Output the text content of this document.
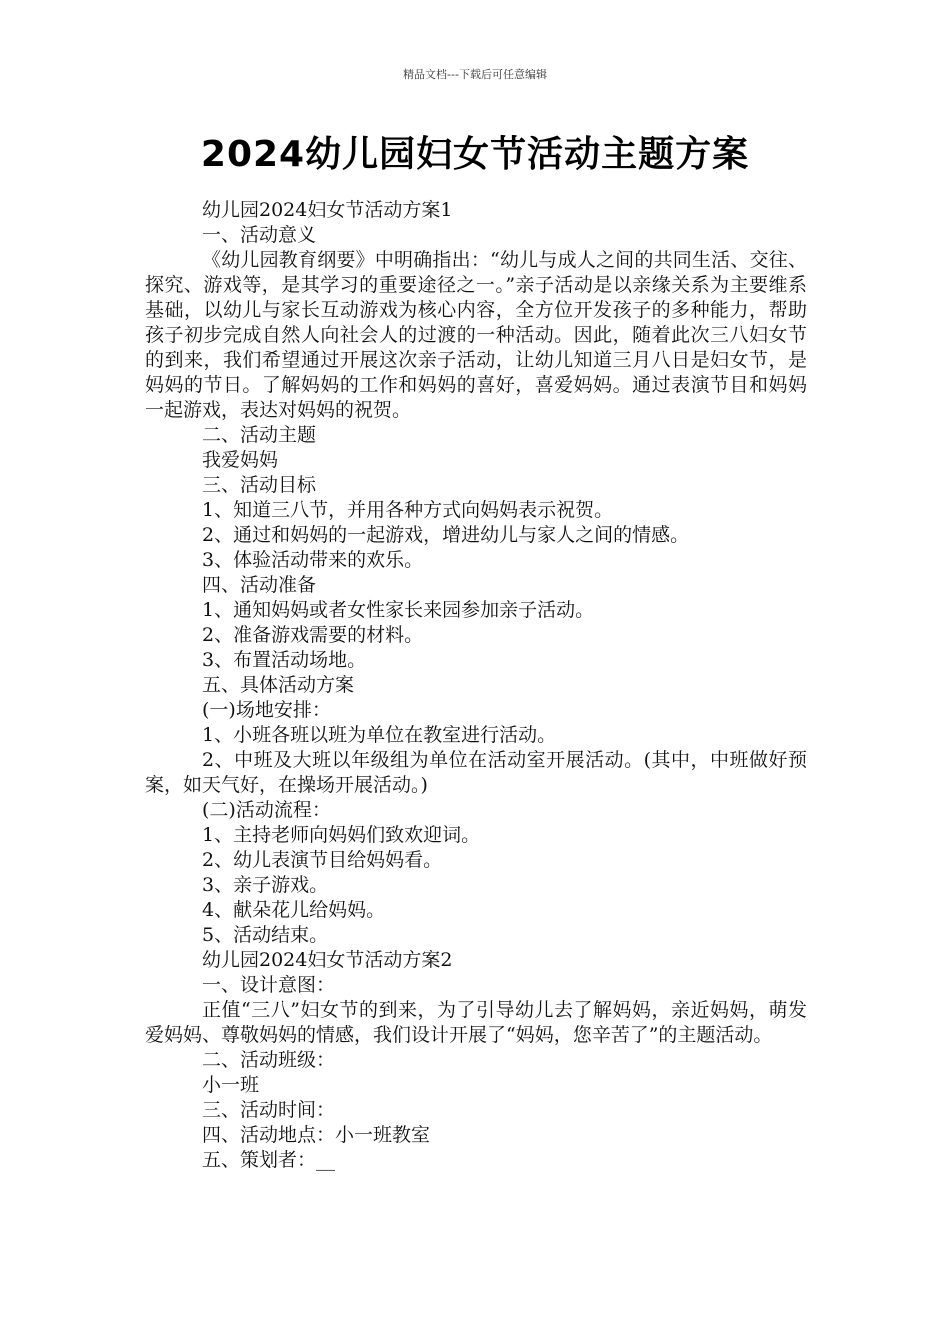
精品文档---下载后可任意编辑
2024幼儿园妇女节活动主题方案

幼儿园2024妇女节活动方案1

一、活动意义

《幼儿园教育纲要》中明确指出：“幼儿与成人之间的共同生活、交往、探究、游戏等，是其学习的重要途径之一。”亲子活动是以亲缘关系为主要维系基础，以幼儿与家长互动游戏为核心内容，全方位开发孩子的多种能力，帮助孩子初步完成自然人向社会人的过渡的一种活动。因此，随着此次三八妇女节的到来，我们希望通过开展这次亲子活动，让幼儿知道三月八日是妇女节，是妈妈的节日。了解妈妈的工作和妈妈的喜好，喜爱妈妈。通过表演节目和妈妈一起游戏，表达对妈妈的祝贺。

二、活动主题

我爱妈妈

三、活动目标

1、知道三八节，并用各种方式向妈妈表示祝贺。

2、通过和妈妈的一起游戏，增进幼儿与家人之间的情感。

3、体验活动带来的欢乐。

四、活动准备

1、通知妈妈或者女性家长来园参加亲子活动。

2、准备游戏需要的材料。

3、布置活动场地。

五、具体活动方案

(一)场地安排：

1、小班各班以班为单位在教室进行活动。

2、中班及大班以年级组为单位在活动室开展活动。(其中，中班做好预案，如天气好，在操场开展活动。)

(二)活动流程：

1、主持老师向妈妈们致欢迎词。

2、幼儿表演节目给妈妈看。

3、亲子游戏。

4、献朵花儿给妈妈。

5、活动结束。

幼儿园2024妇女节活动方案2

一、设计意图：

正值“三八”妇女节的到来，为了引导幼儿去了解妈妈，亲近妈妈，萌发爱妈妈、尊敬妈妈的情感，我们设计开展了“妈妈，您辛苦了”的主题活动。

二、活动班级：

小一班

三、活动时间：

四、活动地点：小一班教室

五、策划者：__
